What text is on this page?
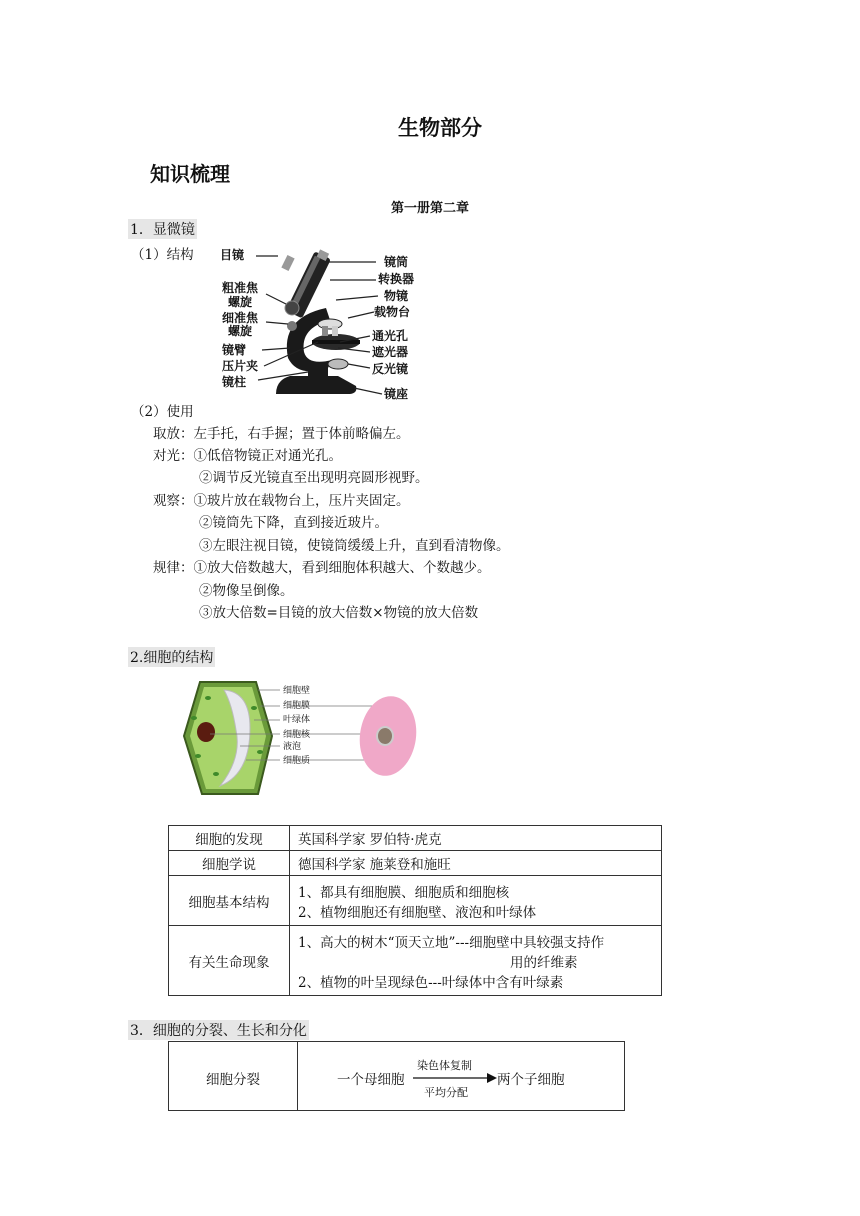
生物部分
知识梳理
第一册第二章
1．显微镜
（1）结构 目镜
粗准焦
螺旋
细准焦
螺旋
镜臂
压片夹
镜柱
镜筒
转换器
物镜
载物台
通光孔
遮光器
反光镜
镜座
（2）使用
取放：左手托，右手握；置于体前略偏左。
对光：①低倍物镜正对通光孔。
②调节反光镜直至出现明亮圆形视野。
观察：①玻片放在载物台上，压片夹固定。
②镜筒先下降，直到接近玻片。
③左眼注视目镜，使镜筒缓缓上升，直到看清物像。
规律：①放大倍数越大，看到细胞体积越大、个数越少。
②物像呈倒像。
③放大倍数=目镜的放大倍数×物镜的放大倍数
2.细胞的结构
细胞壁
细胞膜
叶绿体
细胞核
液泡
细胞质
细胞的发现	英国科学家 罗伯特·虎克
细胞学说	德国科学家 施莱登和施旺
细胞基本结构	1、都具有细胞膜、细胞质和细胞核
2、植物细胞还有细胞壁、液泡和叶绿体

有关生命现象	1、高大的树木“顶天立地”---细胞壁中具较强支持作
用的纤维素
2、植物的叶呈现绿色---叶绿体中含有叶绿素
3．细胞的分裂、生长和分化
细胞分裂	一个母细胞
染色体复制
平均分配
两个子细胞
